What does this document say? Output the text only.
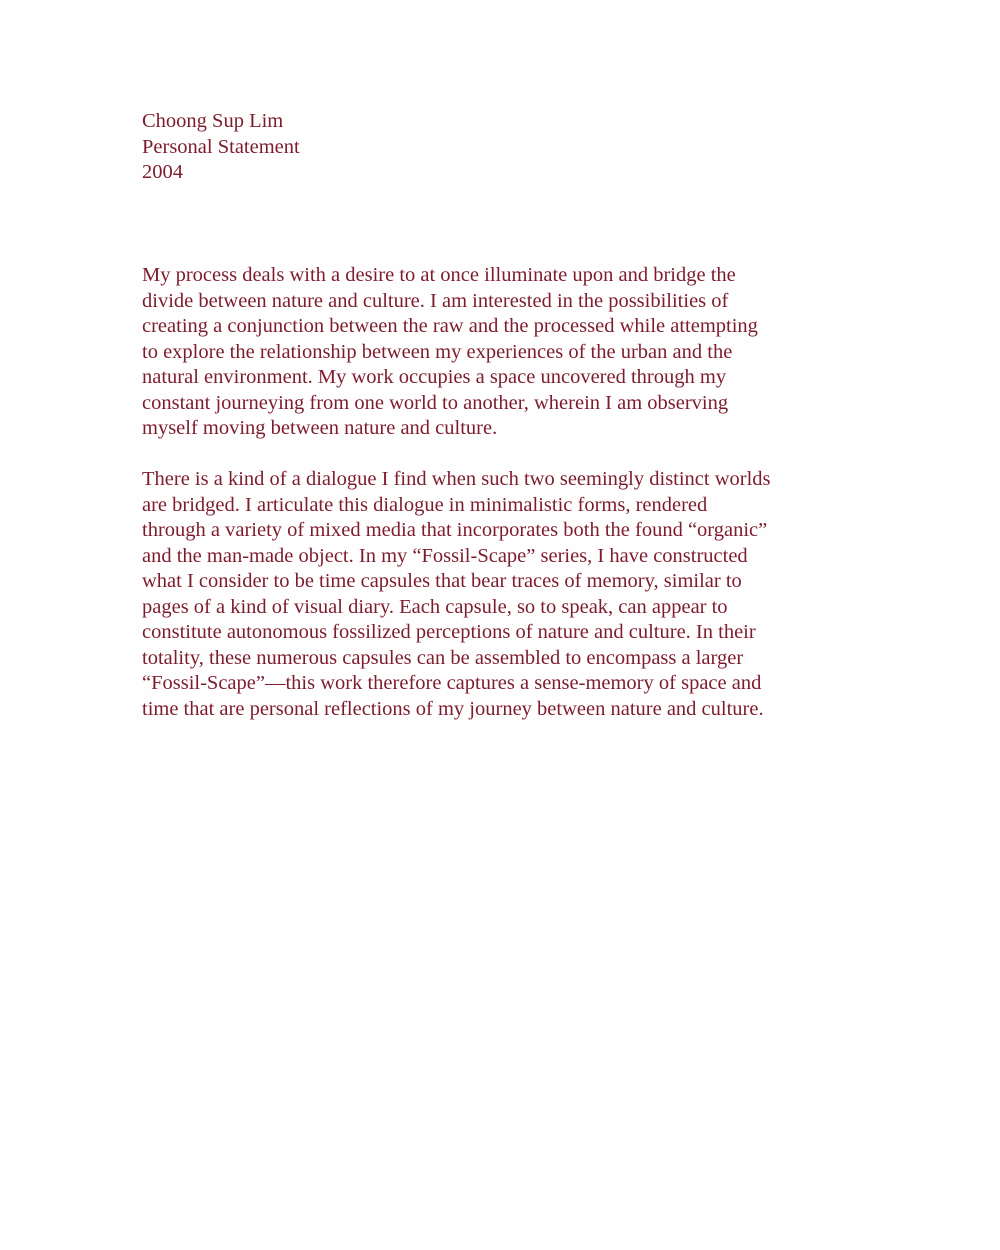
Choong Sup Lim
Personal Statement
2004
My process deals with a desire to at once illuminate upon and bridge the
divide between nature and culture. I am interested in the possibilities of
creating a conjunction between the raw and the processed while attempting
to explore the relationship between my experiences of the urban and the
natural environment. My work occupies a space uncovered through my
constant journeying from one world to another, wherein I am observing
myself moving between nature and culture.
There is a kind of a dialogue I find when such two seemingly distinct worlds
are bridged. I articulate this dialogue in minimalistic forms, rendered
through a variety of mixed media that incorporates both the found “organic”
and the man-made object. In my “Fossil-Scape” series, I have constructed
what I consider to be time capsules that bear traces of memory, similar to
pages of a kind of visual diary. Each capsule, so to speak, can appear to
constitute autonomous fossilized perceptions of nature and culture. In their
totality, these numerous capsules can be assembled to encompass a larger
“Fossil-Scape”—this work therefore captures a sense-memory of space and
time that are personal reflections of my journey between nature and culture.
